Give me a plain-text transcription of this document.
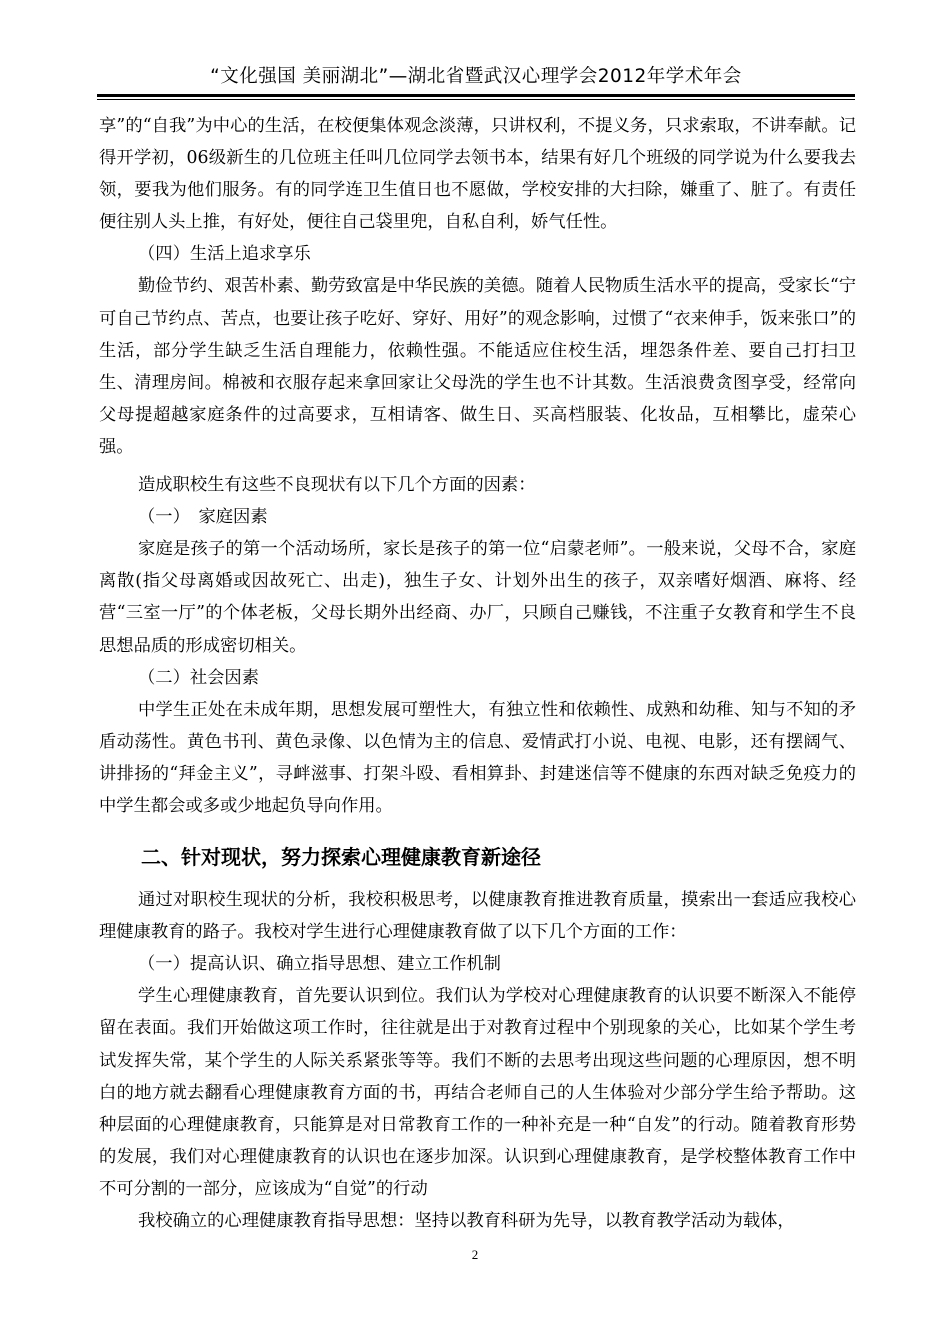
“文化强国 美丽湖北”—湖北省暨武汉心理学会2012年学术年会

享”的“自我”为中心的生活，在校便集体观念淡薄，只讲权利，不提义务，只求索取，不讲奉献。记得开学初，06级新生的几位班主任叫几位同学去领书本，结果有好几个班级的同学说为什么要我去领，要我为他们服务。有的同学连卫生值日也不愿做，学校安排的大扫除，嫌重了、脏了。有责任便往别人头上推，有好处，便往自己袋里兜，自私自利，娇气任性。

（四）生活上追求享乐

勤俭节约、艰苦朴素、勤劳致富是中华民族的美德。随着人民物质生活水平的提高，受家长“宁可自己节约点、苦点，也要让孩子吃好、穿好、用好”的观念影响，过惯了“衣来伸手，饭来张口”的生活，部分学生缺乏生活自理能力，依赖性强。不能适应住校生活，埋怨条件差、要自己打扫卫生、清理房间。棉被和衣服存起来拿回家让父母洗的学生也不计其数。生活浪费贪图享受，经常向父母提超越家庭条件的过高要求，互相请客、做生日、买高档服装、化妆品，互相攀比，虚荣心强。

造成职校生有这些不良现状有以下几个方面的因素：

（一）　家庭因素

家庭是孩子的第一个活动场所，家长是孩子的第一位“启蒙老师”。一般来说，父母不合，家庭离散(指父母离婚或因故死亡、出走)，独生子女、计划外出生的孩子，双亲嗜好烟酒、麻将、经营“三室一厅”的个体老板，父母长期外出经商、办厂，只顾自己赚钱，不注重子女教育和学生不良思想品质的形成密切相关。

（二）社会因素

中学生正处在未成年期，思想发展可塑性大，有独立性和依赖性、成熟和幼稚、知与不知的矛盾动荡性。黄色书刊、黄色录像、以色情为主的信息、爱情武打小说、电视、电影，还有摆阔气、讲排扬的“拜金主义”，寻衅滋事、打架斗殴、看相算卦、封建迷信等不健康的东西对缺乏免疫力的中学生都会或多或少地起负导向作用。

二、针对现状，努力探索心理健康教育新途径

通过对职校生现状的分析，我校积极思考，以健康教育推进教育质量，摸索出一套适应我校心理健康教育的路子。我校对学生进行心理健康教育做了以下几个方面的工作：

（一）提高认识、确立指导思想、建立工作机制

学生心理健康教育，首先要认识到位。我们认为学校对心理健康教育的认识要不断深入不能停留在表面。我们开始做这项工作时，往往就是出于对教育过程中个别现象的关心，比如某个学生考试发挥失常，某个学生的人际关系紧张等等。我们不断的去思考出现这些问题的心理原因，想不明白的地方就去翻看心理健康教育方面的书，再结合老师自己的人生体验对少部分学生给予帮助。这种层面的心理健康教育，只能算是对日常教育工作的一种补充是一种“自发”的行动。随着教育形势的发展，我们对心理健康教育的认识也在逐步加深。认识到心理健康教育，是学校整体教育工作中不可分割的一部分，应该成为“自觉”的行动

我校确立的心理健康教育指导思想：坚持以教育科研为先导，以教育教学活动为载体，

2
